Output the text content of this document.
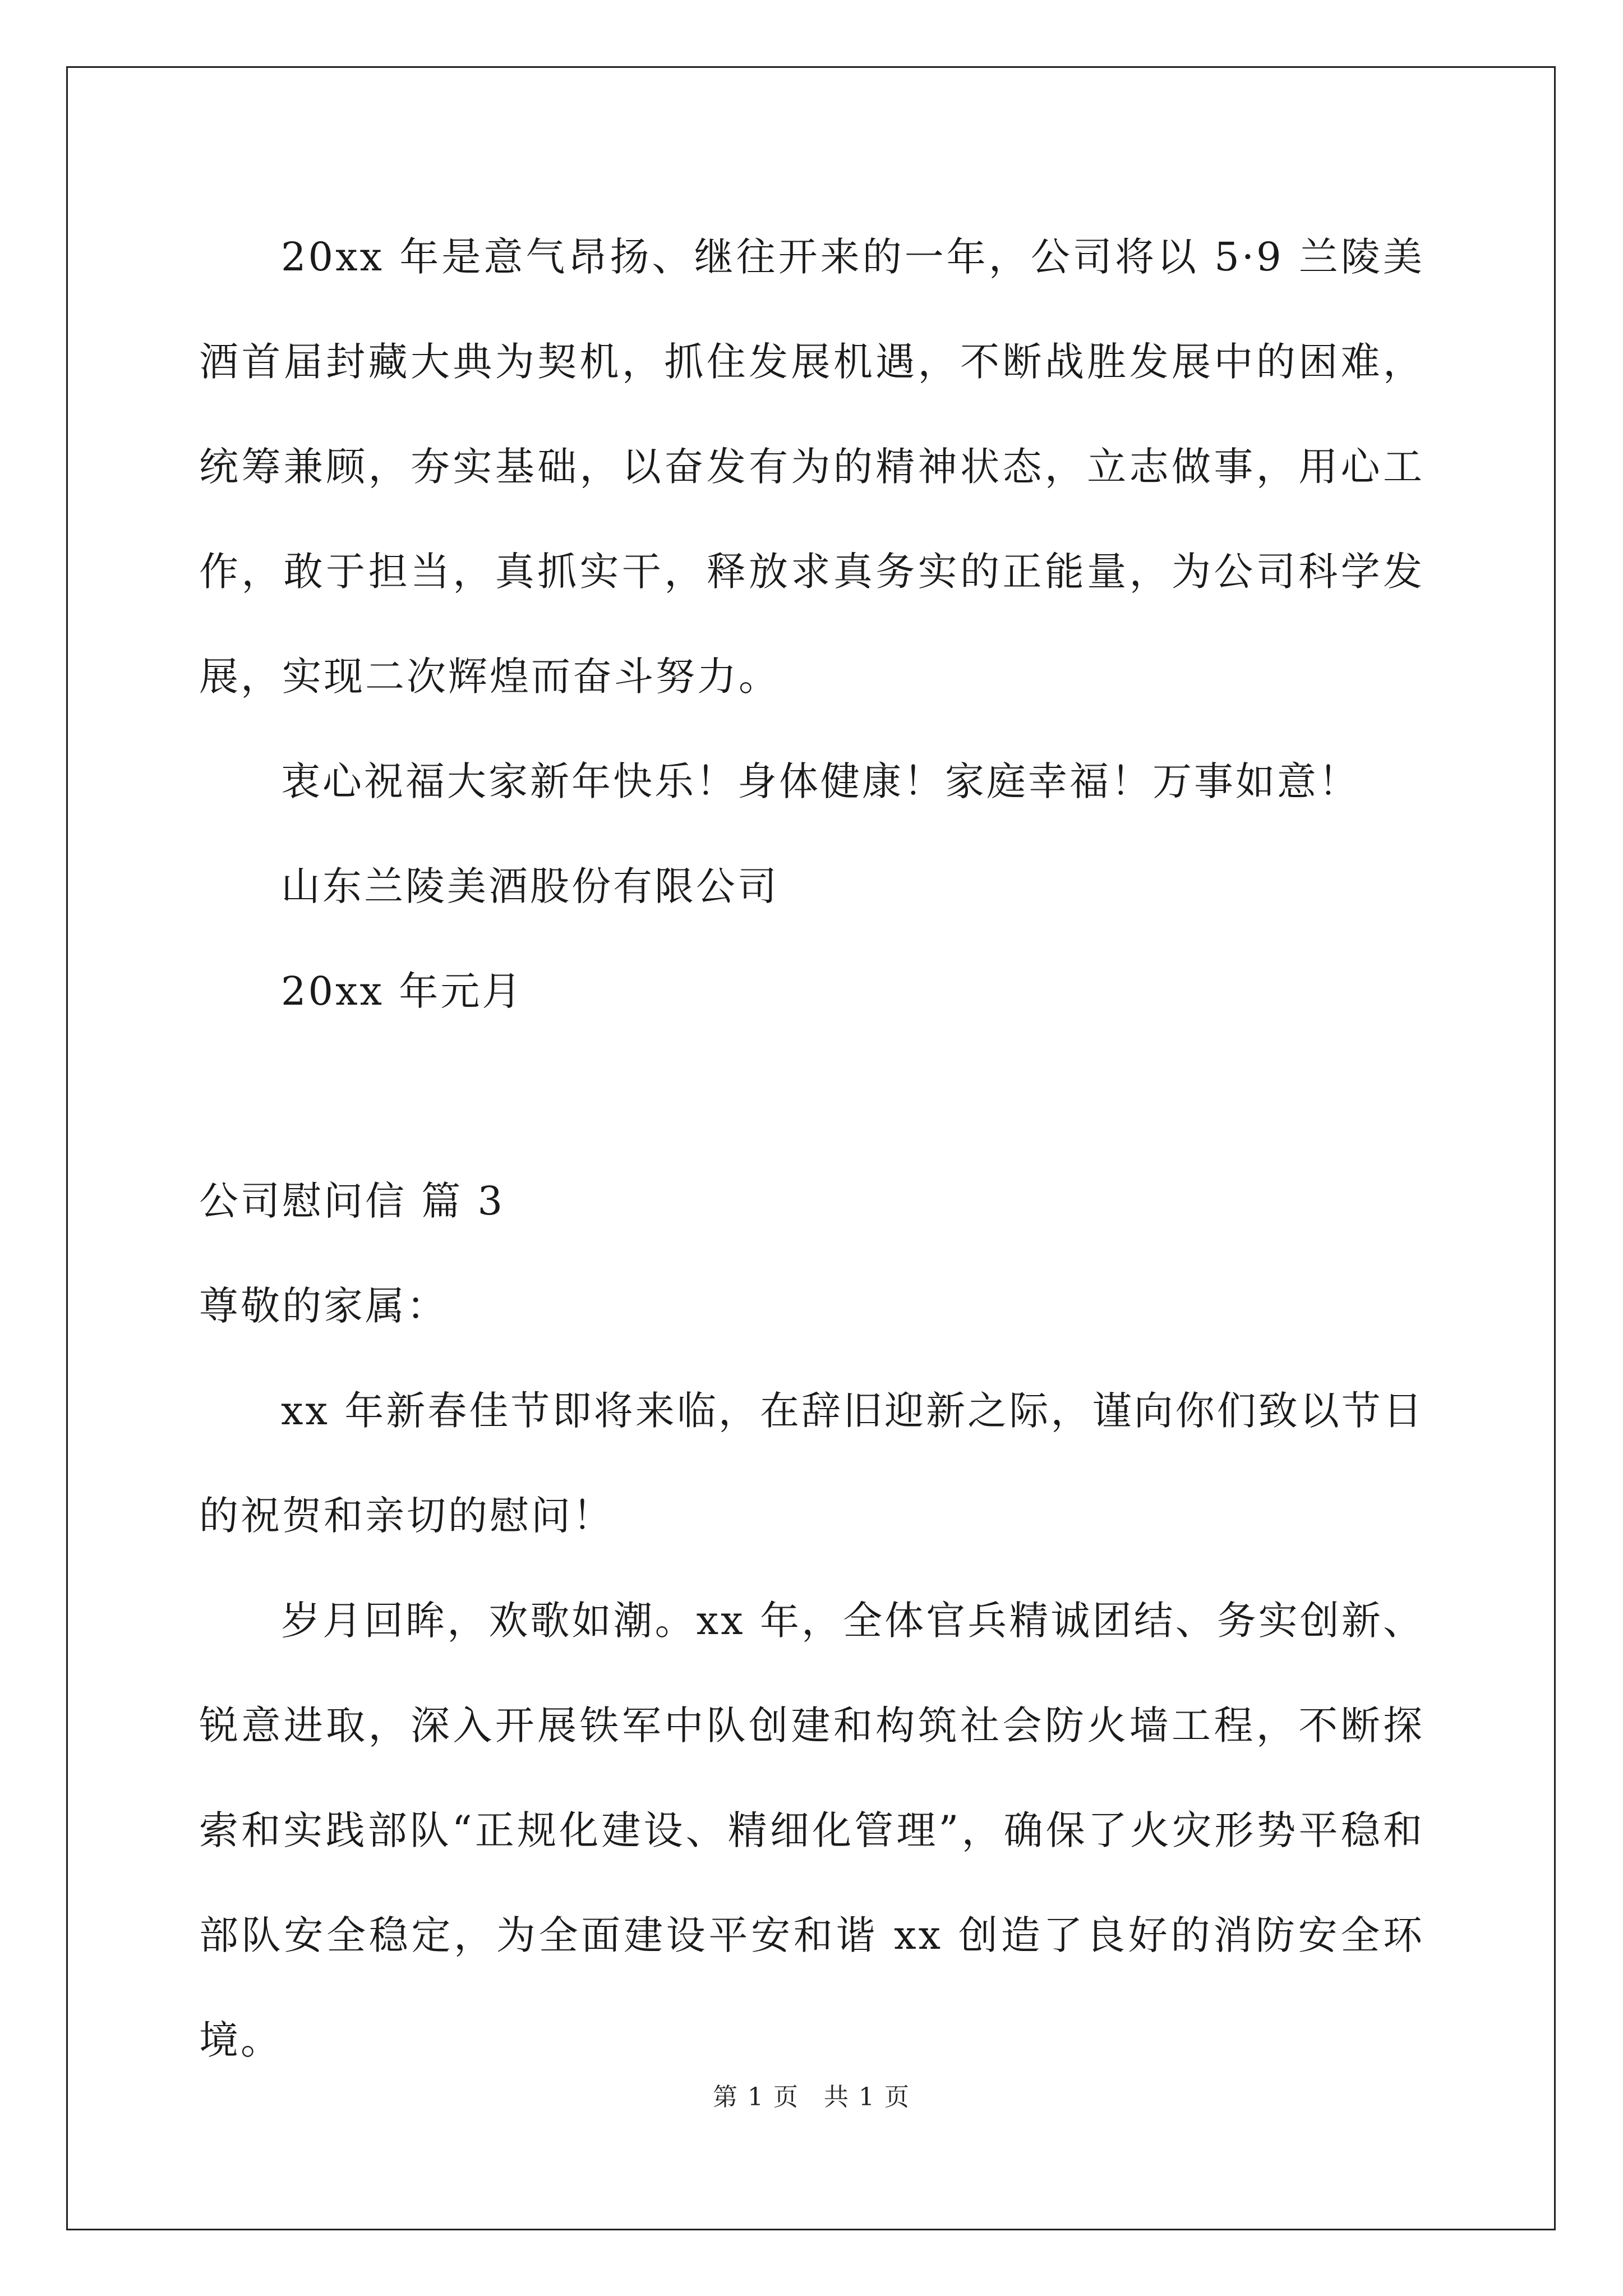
20xx 年是意气昂扬、继往开来的一年，公司将以 5·9 兰陵美酒首届封藏大典为契机，抓住发展机遇，不断战胜发展中的困难，统筹兼顾，夯实基础，以奋发有为的精神状态，立志做事，用心工作，敢于担当，真抓实干，释放求真务实的正能量，为公司科学发展，实现二次辉煌而奋斗努力。

衷心祝福大家新年快乐！身体健康！家庭幸福！万事如意！

山东兰陵美酒股份有限公司

20xx 年元月

公司慰问信 篇 3

尊敬的家属：

xx 年新春佳节即将来临，在辞旧迎新之际，谨向你们致以节日的祝贺和亲切的慰问！

岁月回眸，欢歌如潮。xx 年，全体官兵精诚团结、务实创新、锐意进取，深入开展铁军中队创建和构筑社会防火墙工程，不断探索和实践部队“正规化建设、精细化管理”，确保了火灾形势平稳和部队安全稳定，为全面建设平安和谐 xx 创造了良好的消防安全环境。

第 1 页 共 1 页
